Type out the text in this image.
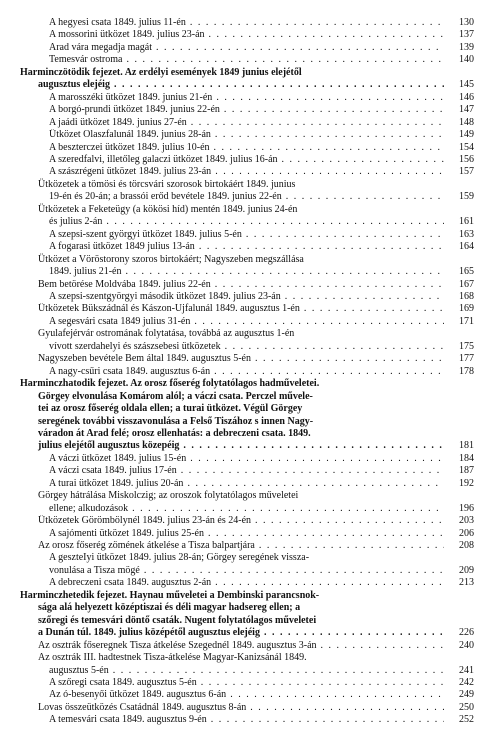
A hegyesi csata 1849. julius 11-én . . .	130
A mossorini ütközet 1849. julius 23-án . . .	137
Arad vára megadja magát . . .	139
Temesvár ostroma . . .	140
Harminczötödik fejezet. Az erdélyi események 1849 junius elejétől
augusztus elejéig . . .	145
A marosszéki ütközet 1849. junius 21-én . . .	146
A borgó-prundi ütközet 1849. junius 22-én . . .	147
A jaádi ütközet 1849. junius 27-én . . .	148
Ütközet Olaszfalunál 1849. junius 28-án . . .	149
A beszterczei ütközet 1849. julius 10-én . . .	154
A szeredfalvi, illetőleg galaczi ütközet 1849. julius 16-án . . .	156
A szászrégeni ütközet 1849. julius 23-án . . .	157
Ütközetek a tömösi és törcsvári szorosok birtokáért 1849. junius
19-én és 20-án; a brassói erőd bevétele 1849. junius 22-én . . .	159
Ütközetek a Feketeügy (a kökösi híd) mentén 1849. junius 24-én
és julius 2-án . . .	161
A szepsi-szent györgyi ütközet 1849. julius 5-én . . .	163
A fogarasi ütközet 1849 julius 13-án . . .	164
Ütközet a Vöröstorony szoros birtokáért; Nagyszeben megszállása
1849. julius 21-én . . .	165
Bem betörése Moldvába 1849. julius 22-én . . .	167
A szepsi-szentgyörgyi második ütközet 1849. julius 23-án . . .	168
Ütközetek Bükszádnál és Kászon-Ujfalunál 1849. augusztus 1-én . . .	169
A segesvári csata 1849 julius 31-én . . .	171
Gyulafejérvár ostromának folytatása, továbbá az augusztus 1-én
vívott szerdahelyi és szászsebesi ütközetek . . .	175
Nagyszeben bevétele Bem által 1849. augusztus 5-én . . .	177
A nagy-csűri csata 1849. augusztus 6-án . . .	178
Harminczhatodik fejezet. Az orosz főserég folytatólagos hadműveletei.
Görgey elvonulása Komárom alól; a váczi csata. Perczel művele-
tei az orosz főserég oldala ellen; a turai ütközet. Végül Görgey
seregének további visszavonulása a Felső Tiszához s innen Nagy-
váradon át Arad felé; orosz ellenhatás: a debreczeni csata. 1849.
julius elejétől augusztus közepéig . . .	181
A váczi ütközet 1849. julius 15-én . . .	184
A váczi csata 1849. julius 17-én . . .	187
A turai ütközet 1849. julius 20-án . . .	192
Görgey hátrálása Miskolczig; az oroszok folytatólagos műveletei
ellene; alkudozások . . .	196
Ütközetek Görömbölynél 1849. julius 23-án és 24-én . . .	203
A sajómenti ütközet 1849. julius 25-én . . .	206
Az orosz főserég zömének átkelése a Tisza balpartjára . . .	208
A geszteIyi ütközet 1849. julius 28-án; Görgey seregének vissza-
vonulása a Tisza mögé . . .	209
A debreczeni csata 1849. augusztus 2-án . . .	213
Harminczhetedik fejezet. Haynau műveletei a Dembinski parancsnok-
sága alá helyezett középtiszai és déli magyar hadsereg ellen; a
szőregi és temesvári döntő csaták. Nugent folytatólagos műveletei
a Dunán túl. 1849. julius középétől augusztus elejéig . . .	226
Az osztrák főseregnek Tisza átkelése Szegednél 1849. augusztus 3-án . . .	240
Az osztrák III. hadtestnek Tisza-átkelése Magyar-Kanizsánál 1849.
augusztus 5-én . . .	241
A szőregi csata 1849. augusztus 5-én . . .	242
Az ó-besenyői ütközet 1849. augusztus 6-án . . .	249
Lovas összeütközés Csatádnál 1849. augusztus 8-án . . .	250
A temesvári csata 1849. augusztus 9-én . . .	252
